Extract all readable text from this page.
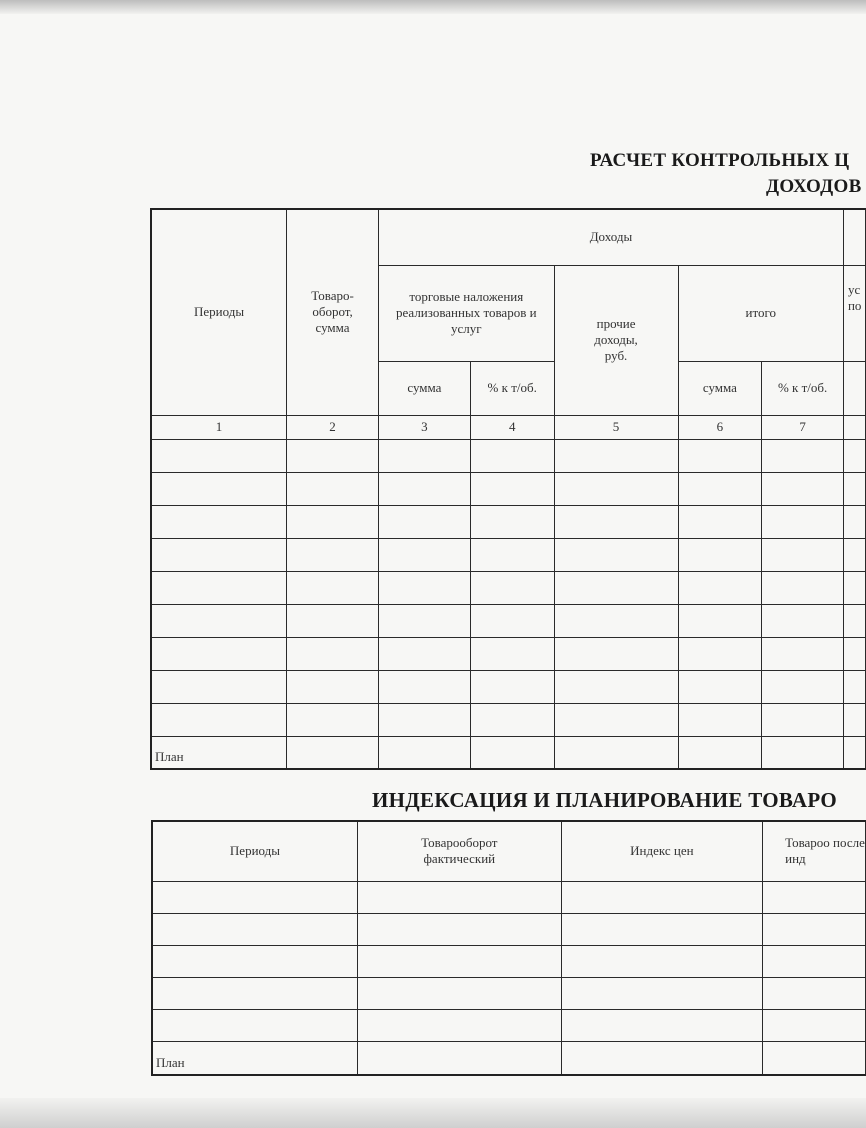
РАСЧЕТ КОНТРОЛЬНЫХ Ц
ДОХОДОВ
Периоды	Товаро-оборот, сумма	Доходы					
		торговые наложения реализованных товаров и услуг		прочие доходы, руб.	итого		ус по
		сумма	% к т/об.		сумма	% к т/об.	
1	2	3	4	5	6	7	

План							
ИНДЕКСАЦИЯ И ПЛАНИРОВАНИЕ ТОВАРО
Периоды	Товарооборот фактический	Индекс цен	Товароо после инд

План			
